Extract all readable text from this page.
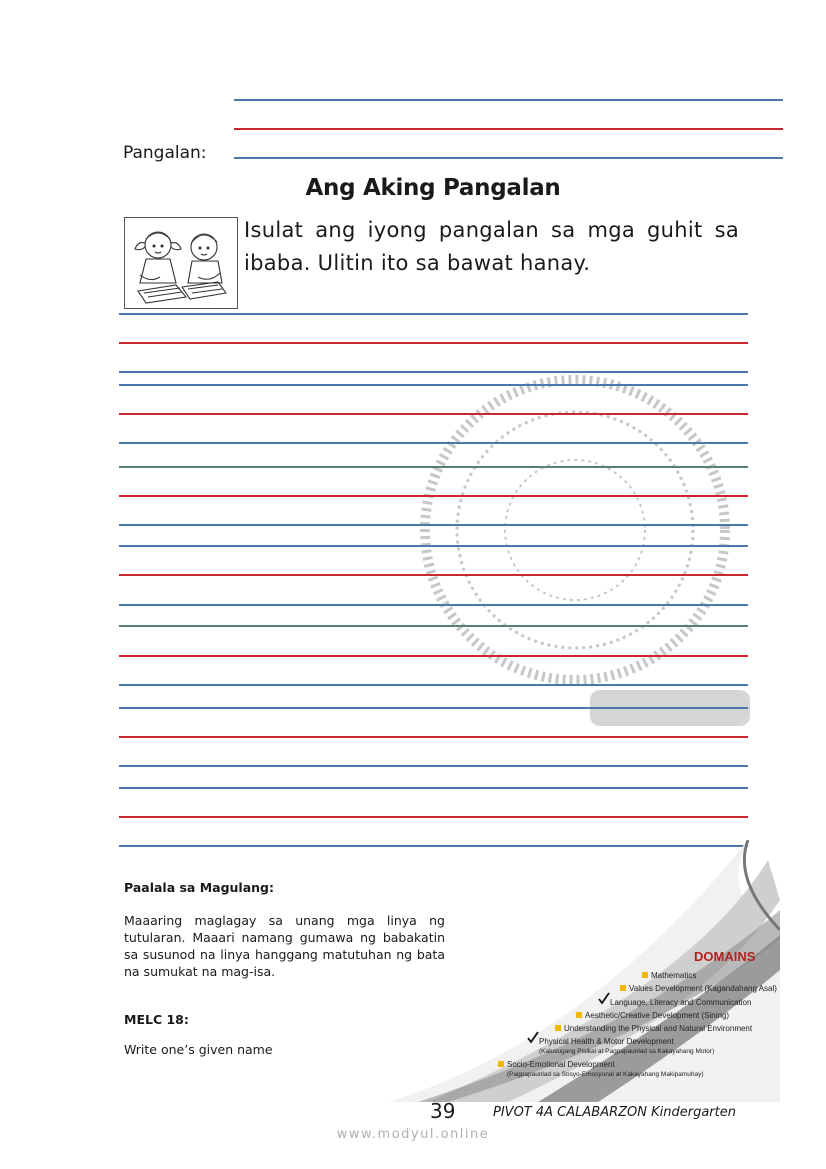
Pangalan:
Ang Aking Pangalan
Isulat ang iyong pangalan sa mga guhit sa ibaba. Ulitin ito sa bawat hanay.
Paalala sa Magulang:
Maaaring maglagay sa unang mga linya ng tutularan. Maaari namang gumawa ng babakatin sa susunod na linya hanggang matutuhan ng bata na sumukat na mag-isa.
MELC 18:
Write one’s given name
DOMAINS
Mathematics
Values Development (Kagandahang Asal)
Language, Literacy and Communication
Aesthetic/Creative Development (Sining)
Understanding the Physical and Natural Environment
Physical Health & Motor Development
(Kalusugang Pisikal at Pagpapaunlad sa Kakayahang Motor)
Socio-Emotional Development
(Pagpapaunlad sa Sosyo-Emosyunal at Kakayahang Makipamuhay)
39	PIVOT 4A CALABARZON Kindergarten
www.modyul.online
